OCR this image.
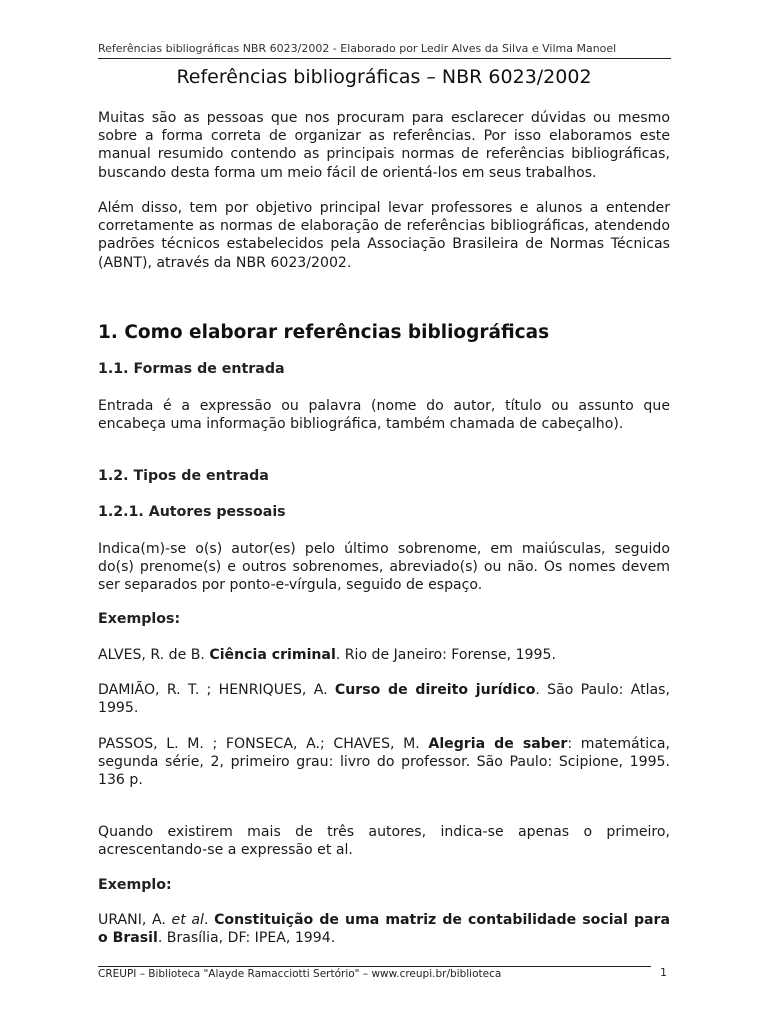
Referências bibliográficas NBR 6023/2002 - Elaborado por Ledir Alves da Silva e Vilma Manoel
Referências bibliográficas – NBR 6023/2002

Muitas são as pessoas que nos procuram para esclarecer dúvidas ou mesmo sobre a forma correta de organizar as referências. Por isso elaboramos este manual resumido contendo as principais normas de referências bibliográficas, buscando desta forma um meio fácil de orientá-los em seus trabalhos.

Além disso, tem por objetivo principal levar professores e alunos a entender corretamente as normas de elaboração de referências bibliográficas, atendendo padrões técnicos estabelecidos pela Associação Brasileira de Normas Técnicas (ABNT), através da NBR 6023/2002.

1. Como elaborar referências bibliográficas
1.1. Formas de entrada

Entrada é a expressão ou palavra (nome do autor, título ou assunto que encabeça uma informação bibliográfica, também chamada de cabeçalho).

1.2. Tipos de entrada
1.2.1. Autores pessoais

Indica(m)-se o(s) autor(es) pelo último sobrenome, em maiúsculas, seguido do(s) prenome(s) e outros sobrenomes, abreviado(s) ou não. Os nomes devem ser separados por ponto-e-vírgula, seguido de espaço.

Exemplos:

ALVES, R. de B. Ciência criminal. Rio de Janeiro: Forense, 1995.

DAMIÃO, R. T. ; HENRIQUES, A. Curso de direito jurídico. São Paulo: Atlas, 1995.

PASSOS, L. M. ; FONSECA, A.; CHAVES, M. Alegria de saber: matemática, segunda série, 2, primeiro grau: livro do professor. São Paulo: Scipione, 1995. 136 p.

Quando existirem mais de três autores, indica-se apenas o primeiro, acrescentando-se a expressão et al.

Exemplo:

URANI, A. et al. Constituição de uma matriz de contabilidade social para o Brasil. Brasília, DF: IPEA, 1994.

CREUPI – Biblioteca "Alayde Ramacciotti Sertório" – www.creupi.br/biblioteca	1
